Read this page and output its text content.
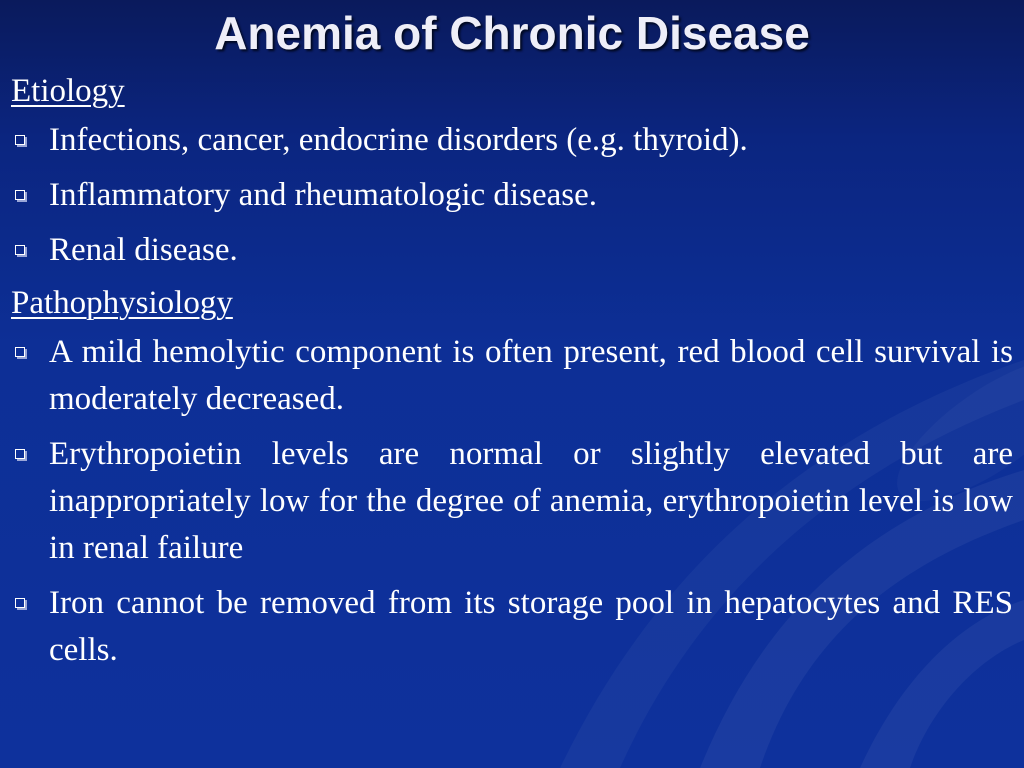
Anemia of Chronic Disease
Etiology
Infections, cancer, endocrine disorders (e.g. thyroid).
Inflammatory and rheumatologic disease.
Renal disease.
Pathophysiology
A mild hemolytic component is often present, red blood cell survival is moderately decreased.
Erythropoietin levels are normal or slightly elevated but are inappropriately low for the degree of anemia, erythropoietin level is low in renal failure
Iron cannot be removed from its storage pool in hepatocytes and RES cells.
